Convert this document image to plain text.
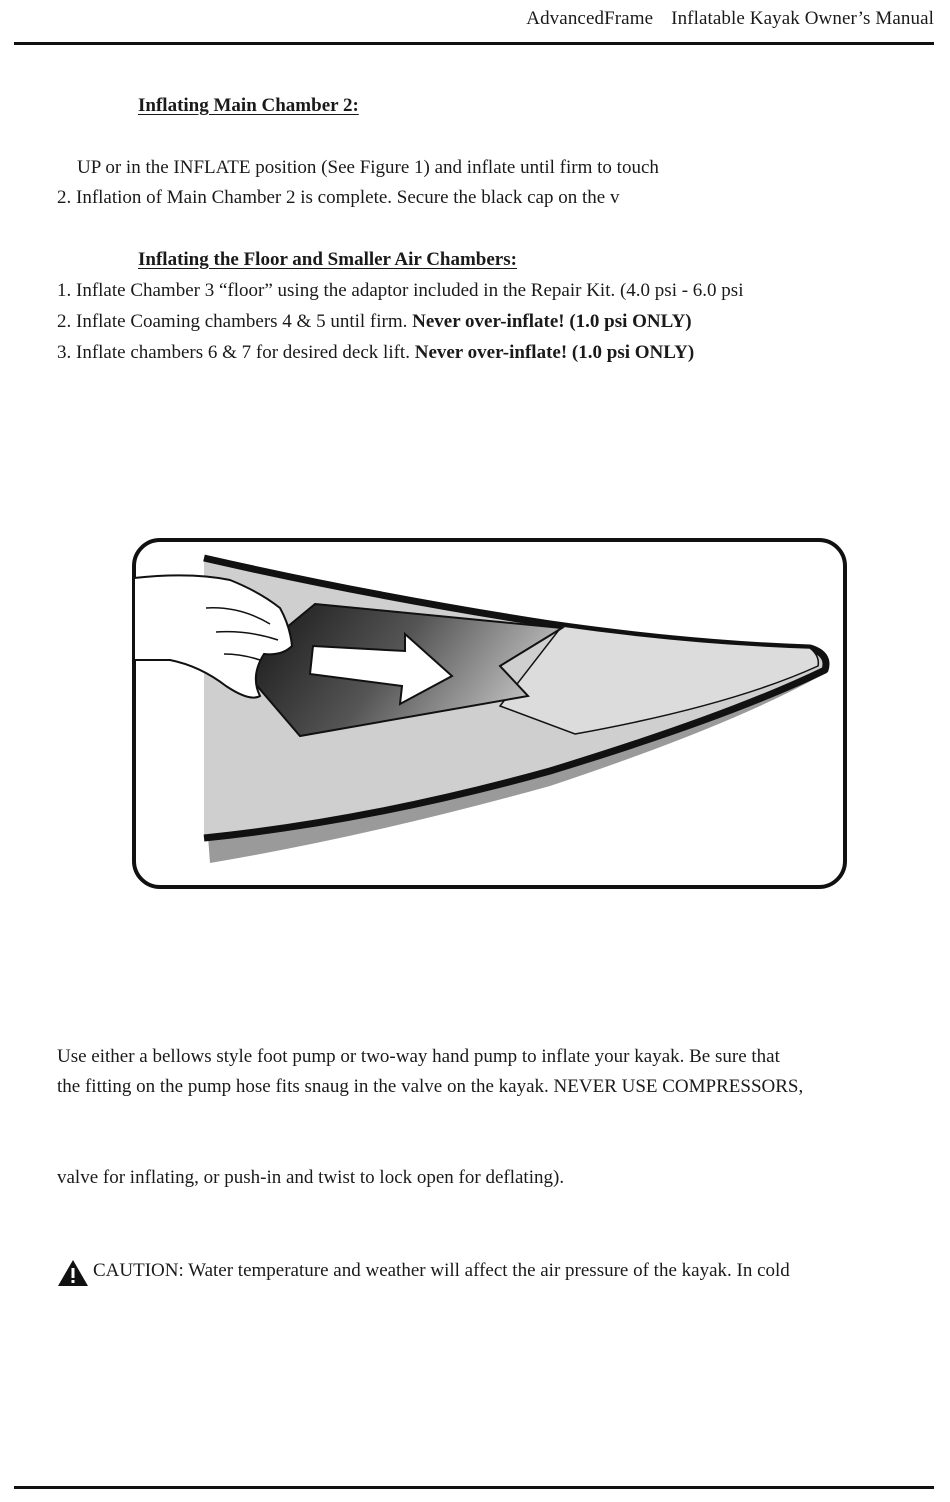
AdvancedFrame Inflatable Kayak Owner’s Manual
Inflating Main Chamber 2:
UP or in the INFLATE position (See Figure 1) and inflate until firm to touch
2. Inflation of Main Chamber 2 is complete. Secure the black cap on the v
Inflating the Floor and Smaller Air Chambers:
1. Inflate Chamber 3 “floor” using the adaptor included in the Repair Kit. (4.0 psi - 6.0 psi
2. Inflate Coaming chambers 4 & 5 until firm. Never over-inflate! (1.0 psi ONLY)
3. Inflate chambers 6 & 7 for desired deck lift. Never over-inflate! (1.0 psi ONLY)
Use either a bellows style foot pump or two-way hand pump to inflate your kayak. Be sure that
the fitting on the pump hose fits snaug in the valve on the kayak. NEVER USE COMPRESSORS,
valve for inflating, or push-in and twist to lock open for deflating).
CAUTION: Water temperature and weather will affect the air pressure of the kayak. In cold
